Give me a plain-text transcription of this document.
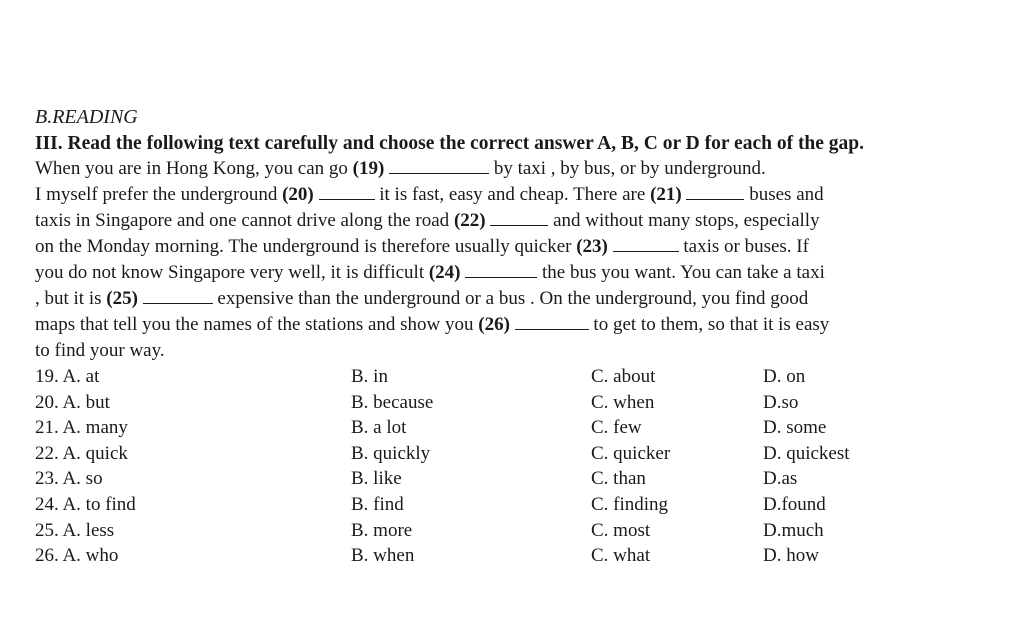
B.READING

III. Read the following text carefully and choose the correct answer A, B, C or D for each of the gap.

When you are in Hong Kong, you can go (19)	by taxi , by bus, or by underground.
I myself prefer the underground (20)	it is fast, easy and cheap. There are (21)	buses and
taxis in Singapore and one cannot drive along the road (22)	and without many stops, especially
on the Monday morning. The underground is therefore usually quicker (23)	taxis or buses. If
you do not know Singapore very well, it is difficult (24)	the bus you want. You can take a taxi
, but it is (25)	expensive than the underground or a bus . On the underground, you find good
maps that tell you the names of the stations and show you (26)	to get to them, so that it is easy
to find your way.
19. A. at	B. in	C. about	D. on
20. A. but	B. because	C. when	D.so
21. A. many	B. a lot	C. few	D. some
22. A. quick	B. quickly	C. quicker	D. quickest
23. A. so	B. like	C. than	D.as
24. A. to find	B. find	C. finding	D.found
25. A. less	B. more	C. most	D.much
26. A. who	B. when	C. what	D. how
